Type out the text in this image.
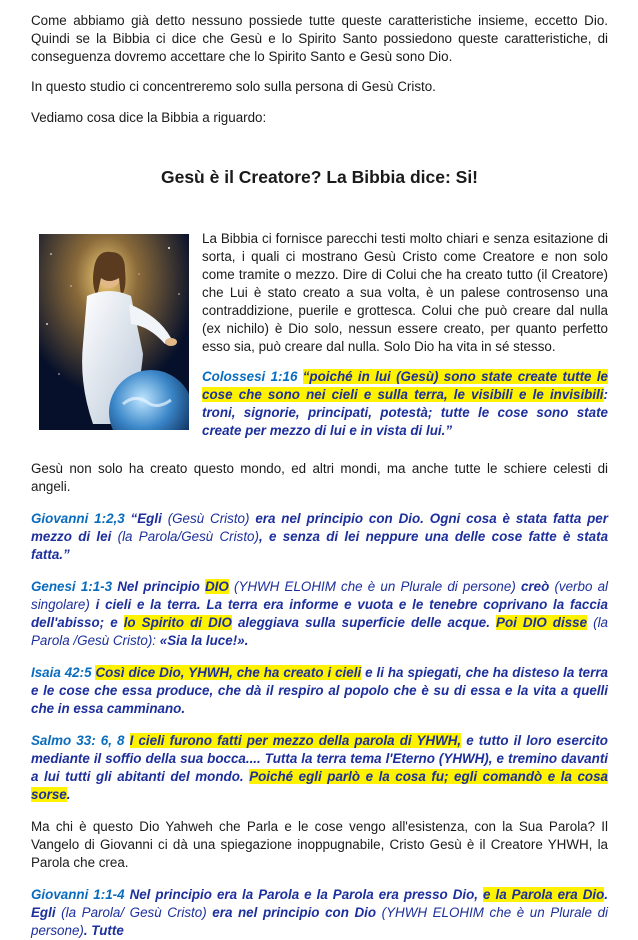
Come abbiamo già detto nessuno possiede tutte queste caratteristiche insieme, eccetto Dio. Quindi se la Bibbia ci dice che Gesù e lo Spirito Santo possiedono queste caratteristiche, di conseguenza dovremo accettare che lo Spirito Santo e Gesù sono Dio.

In questo studio ci concentreremo solo sulla persona di Gesù Cristo.

Vediamo cosa dice la Bibbia a riguardo:

Gesù è il Creatore? La Bibbia dice: Si!

La Bibbia ci fornisce parecchi testi molto chiari e senza esitazione di sorta, i quali ci mostrano Gesù Cristo come Creatore e non solo come tramite o mezzo. Dire di Colui che ha creato tutto (il Creatore) che Lui è stato creato a sua volta, è un palese controsenso una contraddizione, puerile e grottesca. Colui che può creare dal nulla (ex nichilo) è Dio solo, nessun essere creato, per quanto perfetto esso sia, può creare dal nulla. Solo Dio ha vita in sé stesso.

Colossesi 1:16 “poiché in lui (Gesù) sono state create tutte le cose che sono nei cieli e sulla terra, le visibili e le invisibili: troni, signorie, principati, potestà; tutte le cose sono state create per mezzo di lui e in vista di lui.”

Gesù non solo ha creato questo mondo, ed altri mondi, ma anche tutte le schiere celesti di angeli.

Giovanni 1:2,3 “Egli (Gesù Cristo) era nel principio con Dio. Ogni cosa è stata fatta per mezzo di lei (la Parola/Gesù Cristo), e senza di lei neppure una delle cose fatte è stata fatta.”

Genesi 1:1-3 Nel principio DIO (YHWH ELOHIM che è un Plurale di persone) creò (verbo al singolare) i cieli e la terra. La terra era informe e vuota e le tenebre coprivano la faccia dell'abisso; e lo Spirito di DIO aleggiava sulla superficie delle acque. Poi DIO disse (la Parola /Gesù Cristo): «Sia la luce!».

Isaia 42:5 Così dice Dio, YHWH, che ha creato i cieli e li ha spiegati, che ha disteso la terra e le cose che essa produce, che dà il respiro al popolo che è su di essa e la vita a quelli che in essa camminano.

Salmo 33: 6, 8 I cieli furono fatti per mezzo della parola di YHWH, e tutto il loro esercito mediante il soffio della sua bocca.... Tutta la terra tema l'Eterno (YHWH), e tremino davanti a lui tutti gli abitanti del mondo. Poiché egli parlò e la cosa fu; egli comandò e la cosa sorse.

Ma chi è questo Dio Yahweh che Parla e le cose vengo all'esistenza, con la Sua Parola? Il Vangelo di Giovanni ci dà una spiegazione inoppugnabile, Cristo Gesù è il Creatore YHWH, la Parola che crea.

Giovanni 1:1-4 Nel principio era la Parola e la Parola era presso Dio, e la Parola era Dio. Egli (la Parola/ Gesù Cristo) era nel principio con Dio (YHWH ELOHIM che è un Plurale di persone). Tutte
